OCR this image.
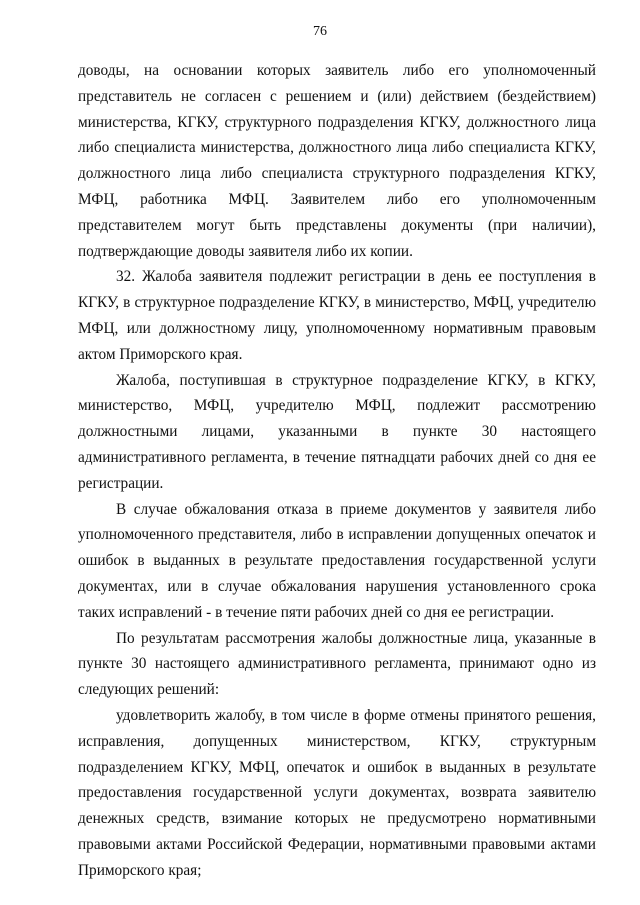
76

доводы, на основании которых заявитель либо его уполномоченный представитель не согласен с решением и (или) действием (бездействием) министерства, КГКУ, структурного подразделения КГКУ, должностного лица либо специалиста министерства, должностного лица либо специалиста КГКУ, должностного лица либо специалиста структурного подразделения КГКУ, МФЦ, работника МФЦ. Заявителем либо его уполномоченным представителем могут быть представлены документы (при наличии), подтверждающие доводы заявителя либо их копии.

32. Жалоба заявителя подлежит регистрации в день ее поступления в КГКУ, в структурное подразделение КГКУ, в министерство, МФЦ, учредителю МФЦ, или должностному лицу, уполномоченному нормативным правовым актом Приморского края.

Жалоба, поступившая в структурное подразделение КГКУ, в КГКУ, министерство, МФЦ, учредителю МФЦ, подлежит рассмотрению должностными лицами, указанными в пункте 30 настоящего административного регламента, в течение пятнадцати рабочих дней со дня ее регистрации.

В случае обжалования отказа в приеме документов у заявителя либо уполномоченного представителя, либо в исправлении допущенных опечаток и ошибок в выданных в результате предоставления государственной услуги документах, или в случае обжалования нарушения установленного срока таких исправлений - в течение пяти рабочих дней со дня ее регистрации.

По результатам рассмотрения жалобы должностные лица, указанные в пункте 30 настоящего административного регламента, принимают одно из следующих решений:

удовлетворить жалобу, в том числе в форме отмены принятого решения, исправления, допущенных министерством, КГКУ, структурным подразделением КГКУ, МФЦ, опечаток и ошибок в выданных в результате предоставления государственной услуги документах, возврата заявителю денежных средств, взимание которых не предусмотрено нормативными правовыми актами Российской Федерации, нормативными правовыми актами Приморского края;
